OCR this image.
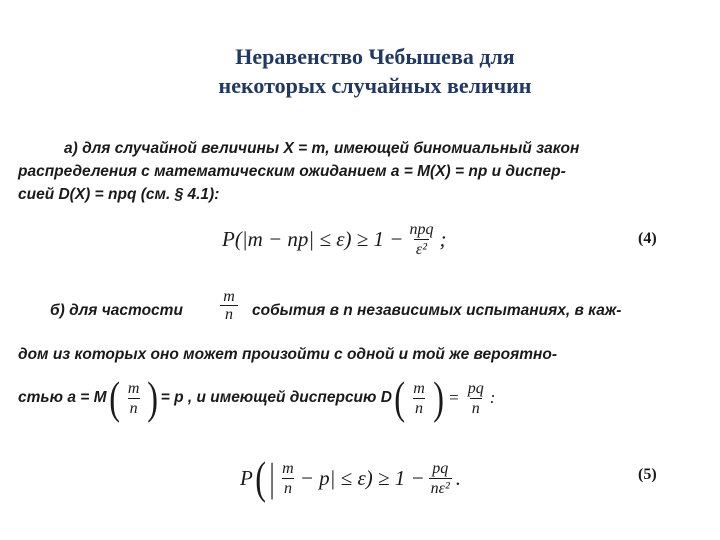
Неравенство Чебышева для
некоторых случайных величин
а) для случайной величины X = m, имеющей биномиальный закон
распределения с математическим ожиданием a = M(X) = np и диспер-
сией D(X) = npq (см. § 4.1):
$P(|m - np| \le \varepsilon) \ge 1 - \frac{\text{npq}}{\text{ε²}}$ ;	(4)
б) для частости $\frac{m}{n}$ события в n независимых испытаниях, в каж-
дом из которых оно может произойти с одной и той же вероятно-
стью a = M ( $\frac{m}{n}$ ) = p , и имеющей дисперсию D ( $\frac{m}{n}$ ) = $\frac{pq}{n}$ :
P ( | $\frac{m}{n} - p| \le \varepsilon) \ge 1 - \frac{pq}{\text{nε²}}$ .	(5)
